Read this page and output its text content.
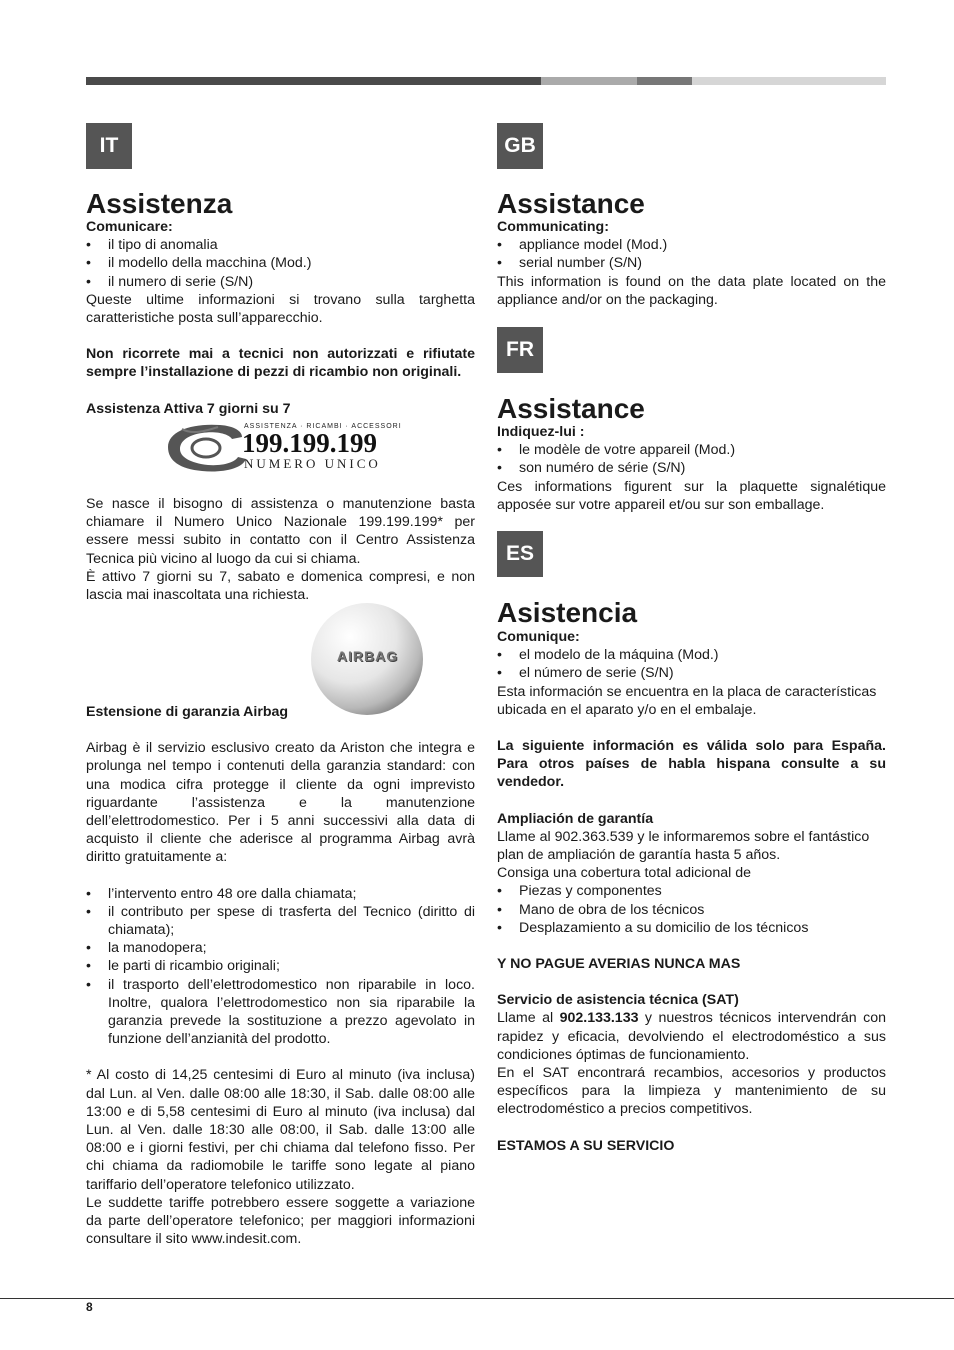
IT
Assistenza

Comunicare:

• il tipo di anomalia
• il modello della macchina (Mod.)
• il numero di serie (S/N)

Queste ultime informazioni si trovano sulla targhetta caratteristiche posta sull’apparecchio.

Non ricorrete mai a tecnici non autorizzati e rifiutate sempre l’installazione di pezzi di ricambio non originali.

Assistenza Attiva 7 giorni su 7

ASSISTENZA · RICAMBI · ACCESSORI
199.199.199
NUMERO UNICO

Se nasce il bisogno di assistenza o manutenzione basta chiamare il Numero Unico Nazionale 199.199.199* per essere messi subito in contatto con il Centro Assistenza Tecnica più vicino al luogo da cui si chiama.

È attivo 7 giorni su 7, sabato e domenica compresi, e non lascia mai inascoltata una richiesta.

AIRBAG

Estensione di garanzia Airbag

Airbag è il servizio esclusivo creato da Ariston che integra e prolunga nel tempo i contenuti della garanzia standard: con una modica cifra protegge il cliente da ogni imprevisto riguardante l’assistenza e la manutenzione dell’elettrodomestico. Per i 5 anni successivi alla data di acquisto il cliente che aderisce al programma Airbag avrà diritto gratuitamente a:

• l’intervento entro 48 ore dalla chiamata;
• il contributo per spese di trasferta del Tecnico (diritto di chiamata);
• la manodopera;
• le parti di ricambio originali;
• il trasporto dell’elettrodomestico non riparabile in loco. Inoltre, qualora l’elettrodomestico non sia riparabile la garanzia prevede la sostituzione a prezzo agevolato in funzione dell’anzianità del prodotto.

* Al costo di 14,25 centesimi di Euro al minuto (iva inclusa) dal Lun. al Ven. dalle 08:00 alle 18:30, il Sab. dalle 08:00 alle 13:00 e di 5,58 centesimi di Euro al minuto (iva inclusa) dal Lun. al Ven. dalle 18:30 alle 08:00, il Sab. dalle 13:00 alle 08:00 e i giorni festivi, per chi chiama dal telefono fisso. Per chi chiama da radiomobile le tariffe sono legate al piano tariffario dell’operatore telefonico utilizzato.

Le suddette tariffe potrebbero essere soggette a variazione da parte dell’operatore telefonico; per maggiori informazioni consultare il sito www.indesit.com.

GB
Assistance

Communicating:

• appliance model (Mod.)
• serial number (S/N)

This information is found on the data plate located on the appliance and/or on the packaging.

FR
Assistance

Indiquez-lui :

• le modèle de votre appareil (Mod.)
• son numéro de série (S/N)

Ces informations figurent sur la plaquette signalétique apposée sur votre appareil et/ou sur son emballage.

ES
Asistencia

Comunique:

• el modelo de la máquina (Mod.)
• el número de serie (S/N)

Esta información se encuentra en la placa de características ubicada en el aparato y/o en el embalaje.

La siguiente información es válida solo para España. Para otros países de habla hispana consulte a su vendedor.

Ampliación de garantía

Llame al 902.363.539 y le informaremos sobre el fantástico plan de ampliación de garantía hasta 5 años.

Consiga una cobertura total adicional de

• Piezas y componentes
• Mano de obra de los técnicos
• Desplazamiento a su domicilio de los técnicos

Y NO PAGUE AVERIAS NUNCA MAS

Servicio de asistencia técnica (SAT)

Llame al 902.133.133 y nuestros técnicos intervendrán con rapidez y eficacia, devolviendo el electrodoméstico a sus condiciones óptimas de funcionamiento.

En el SAT encontrará recambios, accesorios y productos específicos para la limpieza y mantenimiento de su electrodoméstico a precios competitivos.

ESTAMOS A SU SERVICIO

8
